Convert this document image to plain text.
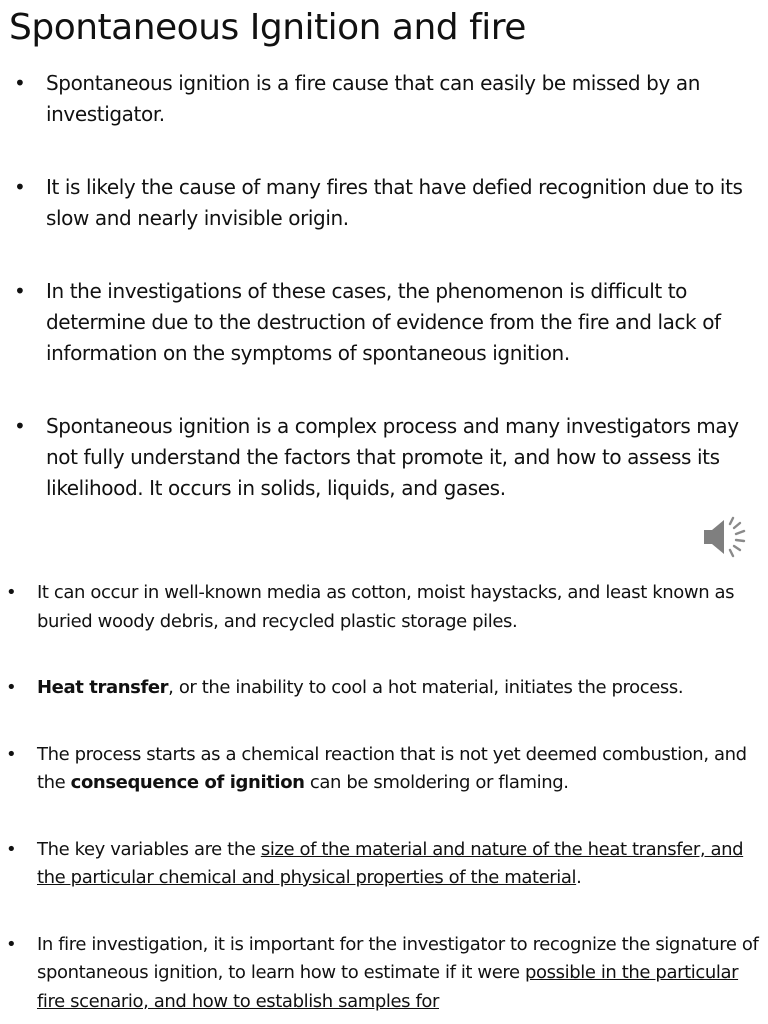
Spontaneous Ignition and fire
• Spontaneous ignition is a fire cause that can easily be missed by an investigator.
• It is likely the cause of many fires that have defied recognition due to its slow and nearly invisible origin.
• In the investigations of these cases, the phenomenon is difficult to determine due to the destruction of evidence from the fire and lack of information on the symptoms of spontaneous ignition.
• Spontaneous ignition is a complex process and many investigators may not fully understand the factors that promote it, and how to assess its likelihood. It occurs in solids, liquids, and gases.
• It can occur in well-known media as cotton, moist haystacks, and least known as buried woody debris, and recycled plastic storage piles.
• Heat transfer, or the inability to cool a hot material, initiates the process.
• The process starts as a chemical reaction that is not yet deemed combustion, and the consequence of ignition can be smoldering or flaming.
• The key variables are the size of the material and nature of the heat transfer, and the particular chemical and physical properties of the material.
• In fire investigation, it is important for the investigator to recognize the signature of spontaneous ignition, to learn how to estimate if it were possible in the particular fire scenario, and how to establish samples for
